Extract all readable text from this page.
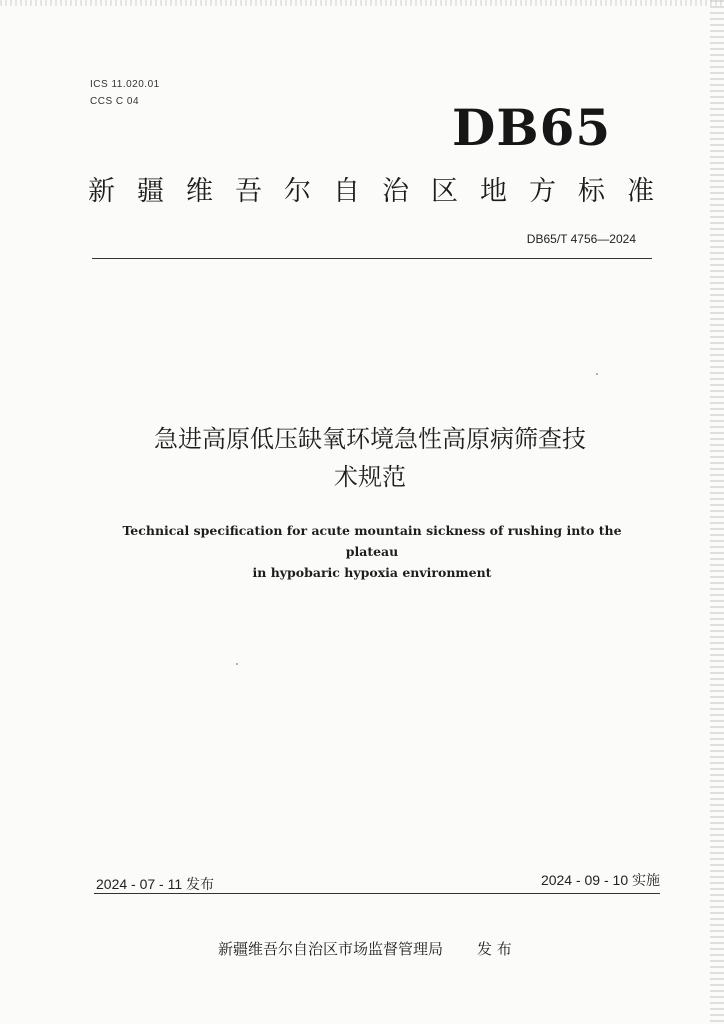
ICS 11.020.01
CCS C 04	DB65
新 疆 维 吾 尔 自 治 区 地 方 标 准
DB65/T 4756—2024
急进高原低压缺氧环境急性高原病筛查技
术规范
Technical specification for acute mountain sickness of rushing into the plateau
in hypobaric hypoxia environment
2024 - 07 - 11 发布	2024 - 09 - 10 实施
新疆维吾尔自治区市场监督管理局 发 布
